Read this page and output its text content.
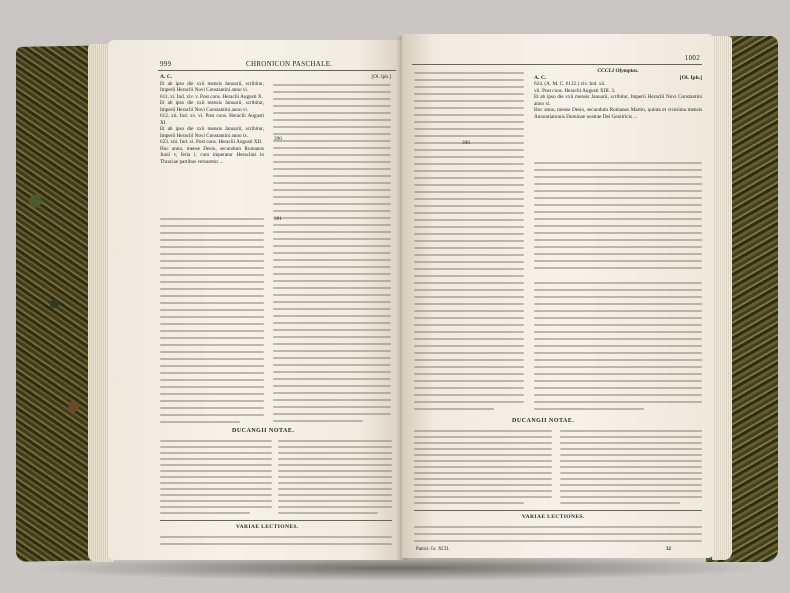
999	CHRONICON PASCHALE.

A. C.

Et ab ipso die xxii mensis Januarii, scribitur, Imperii Heraclii Novi Constantini anno vi.

611. xi. Ind. xiv. v. Post cons. Heraclii Augusti X.

Et ab ipso die xxii mensis Januarii, scribitur, Imperii Heraclii Novi Constantini anno vi.

612. xii. Ind. xv. vi. Post cons. Heraclii Augusti XI.

Et ab ipso die xxii mensis Januarii, scribitur, Imperii Heraclii Novi Constantini anno ix.

623. xiii. Ind. xi. Post cons. Heraclii Augusti XII.

Hoc anno, mense Desio, secundum Romanos Junii v, feria i, cum imperator Heraclius in Thraciae partibus versaretur ...

[Ol. Iph.]

390
391
DUCANGII NOTAE.
VARIAE LECTIONES.
1002
390

CCCLI Olympias.

A. C.	[Ol. Iph.]

624. (A. M. C. 6132.) xiv. Ind. xii.

vii. Post cons. Heraclii Augusti XIII. 3.

Et ab ipso die xxii mensis Januarii, scribitur, Imperii Heraclii Novi Constantini anno xi.

Hoc anno, mense Desio, secundum Romanos Martio, quinta et vicesima mensis Annuntiationis Dominae nostrae Dei Genitricis ...

DUCANGII NOTAE.
VARIAE LECTIONES.
Patrol. Gr. XCII.	32
